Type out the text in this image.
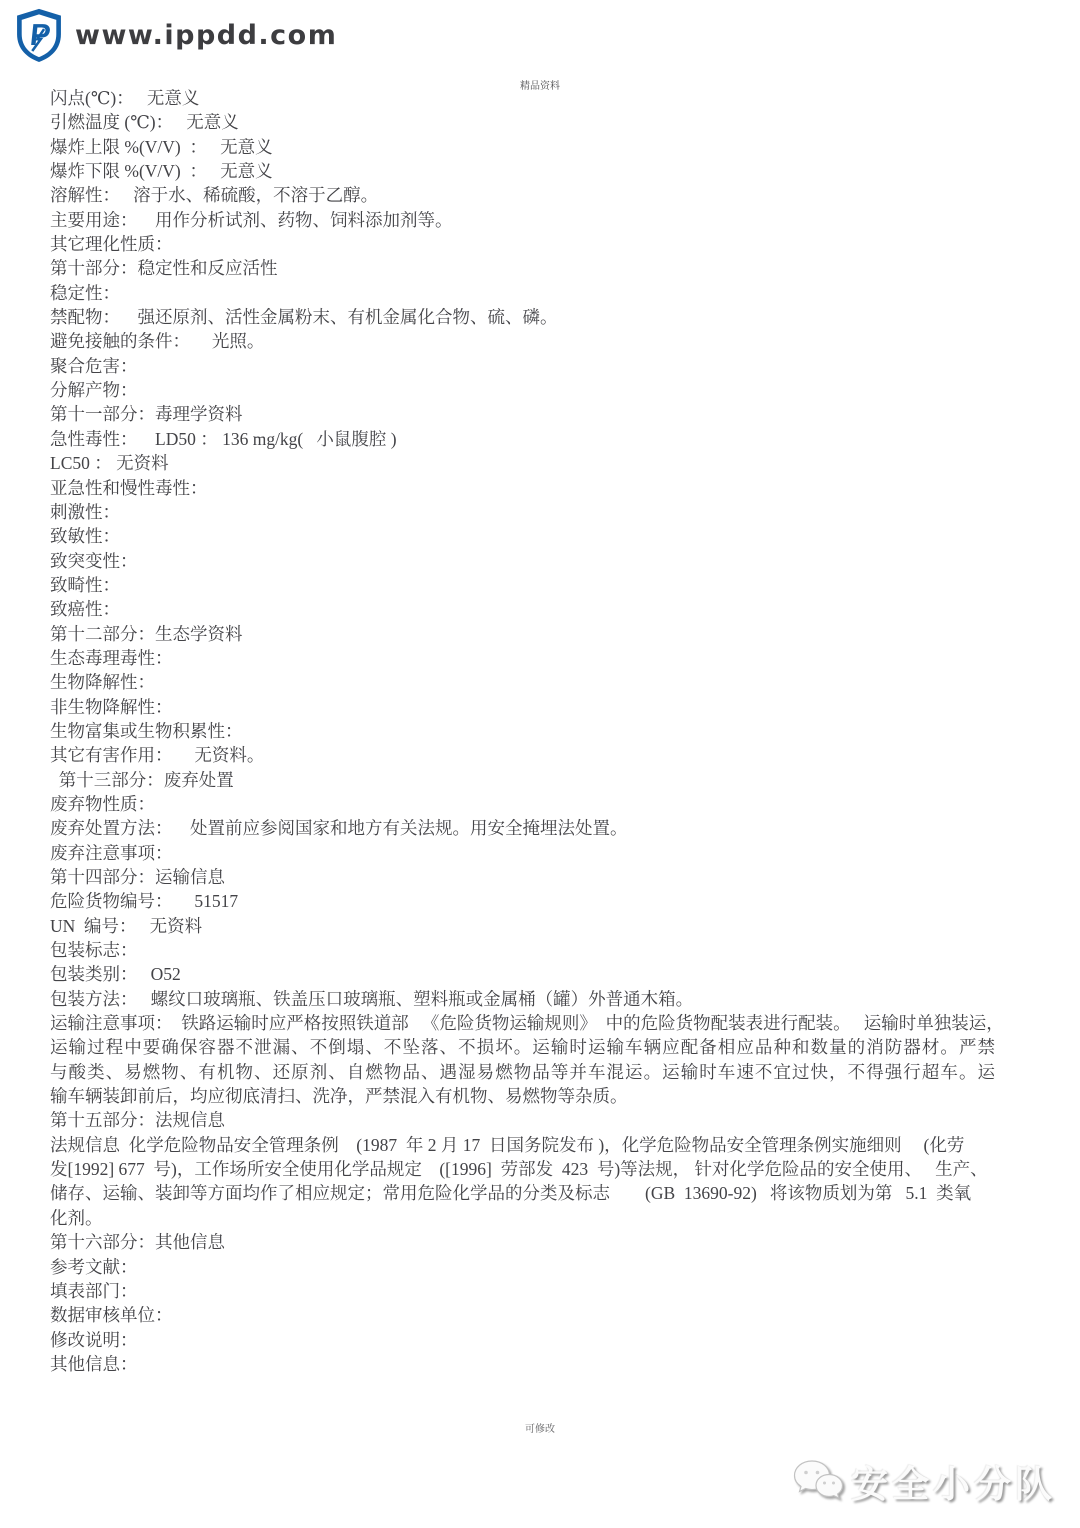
P www.ippdd.com
精品资料
闪点(℃)：   无意义
引燃温度 (℃)：   无意义
爆炸上限 %(V/V)  ：   无意义
爆炸下限 %(V/V)  ：   无意义
溶解性：   溶于水、稀硫酸，不溶于乙醇。
主要用途：    用作分析试剂、药物、饲料添加剂等。
其它理化性质：
第十部分：稳定性和反应活性
稳定性：
禁配物：    强还原剂、活性金属粉末、有机金属化合物、硫、磷。
避免接触的条件：     光照。
聚合危害：
分解产物：
第十一部分：毒理学资料
急性毒性：    LD50 ： 136 mg/kg(   小鼠腹腔 )
LC50 ： 无资料
亚急性和慢性毒性：
刺激性：
致敏性：
致突变性：
致畸性：
致癌性：
第十二部分：生态学资料
生态毒理毒性：
生物降解性：
非生物降解性：
生物富集或生物积累性：
其它有害作用：     无资料。
第十三部分：废弃处置
废弃物性质：
废弃处置方法：    处置前应参阅国家和地方有关法规。用安全掩埋法处置。
废弃注意事项：
第十四部分：运输信息
危险货物编号：     51517
UN  编号：   无资料
包装标志：
包装类别：   O52
包装方法：   螺纹口玻璃瓶、铁盖压口玻璃瓶、塑料瓶或金属桶（罐）外普通木箱。
运输注意事项：  铁路运输时应严格按照铁道部   《危险货物运输规则》  中的危险货物配装表进行配装。   运输时单独装运，
运输过程中要确保容器不泄漏、不倒塌、不坠落、不损坏。运输时运输车辆应配备相应品种和数量的消防器材。严禁
与酸类、易燃物、有机物、还原剂、自燃物品、遇湿易燃物品等并车混运。运输时车速不宜过快，不得强行超车。运
输车辆装卸前后，均应彻底清扫、洗净，严禁混入有机物、易燃物等杂质。
第十五部分：法规信息
法规信息  化学危险物品安全管理条例    (1987  年 2 月 17  日国务院发布 )，化学危险物品安全管理条例实施细则     (化劳
发[1992] 677  号)，工作场所安全使用化学品规定    ([1996]  劳部发  423  号)等法规， 针对化学危险品的安全使用、   生产、
储存、运输、装卸等方面均作了相应规定；常用危险化学品的分类及标志        (GB  13690-92)   将该物质划为第   5.1  类氧
化剂。
第十六部分：其他信息
参考文献：
填表部门：
数据审核单位：
修改说明：
其他信息：
可修改
安全小分队
